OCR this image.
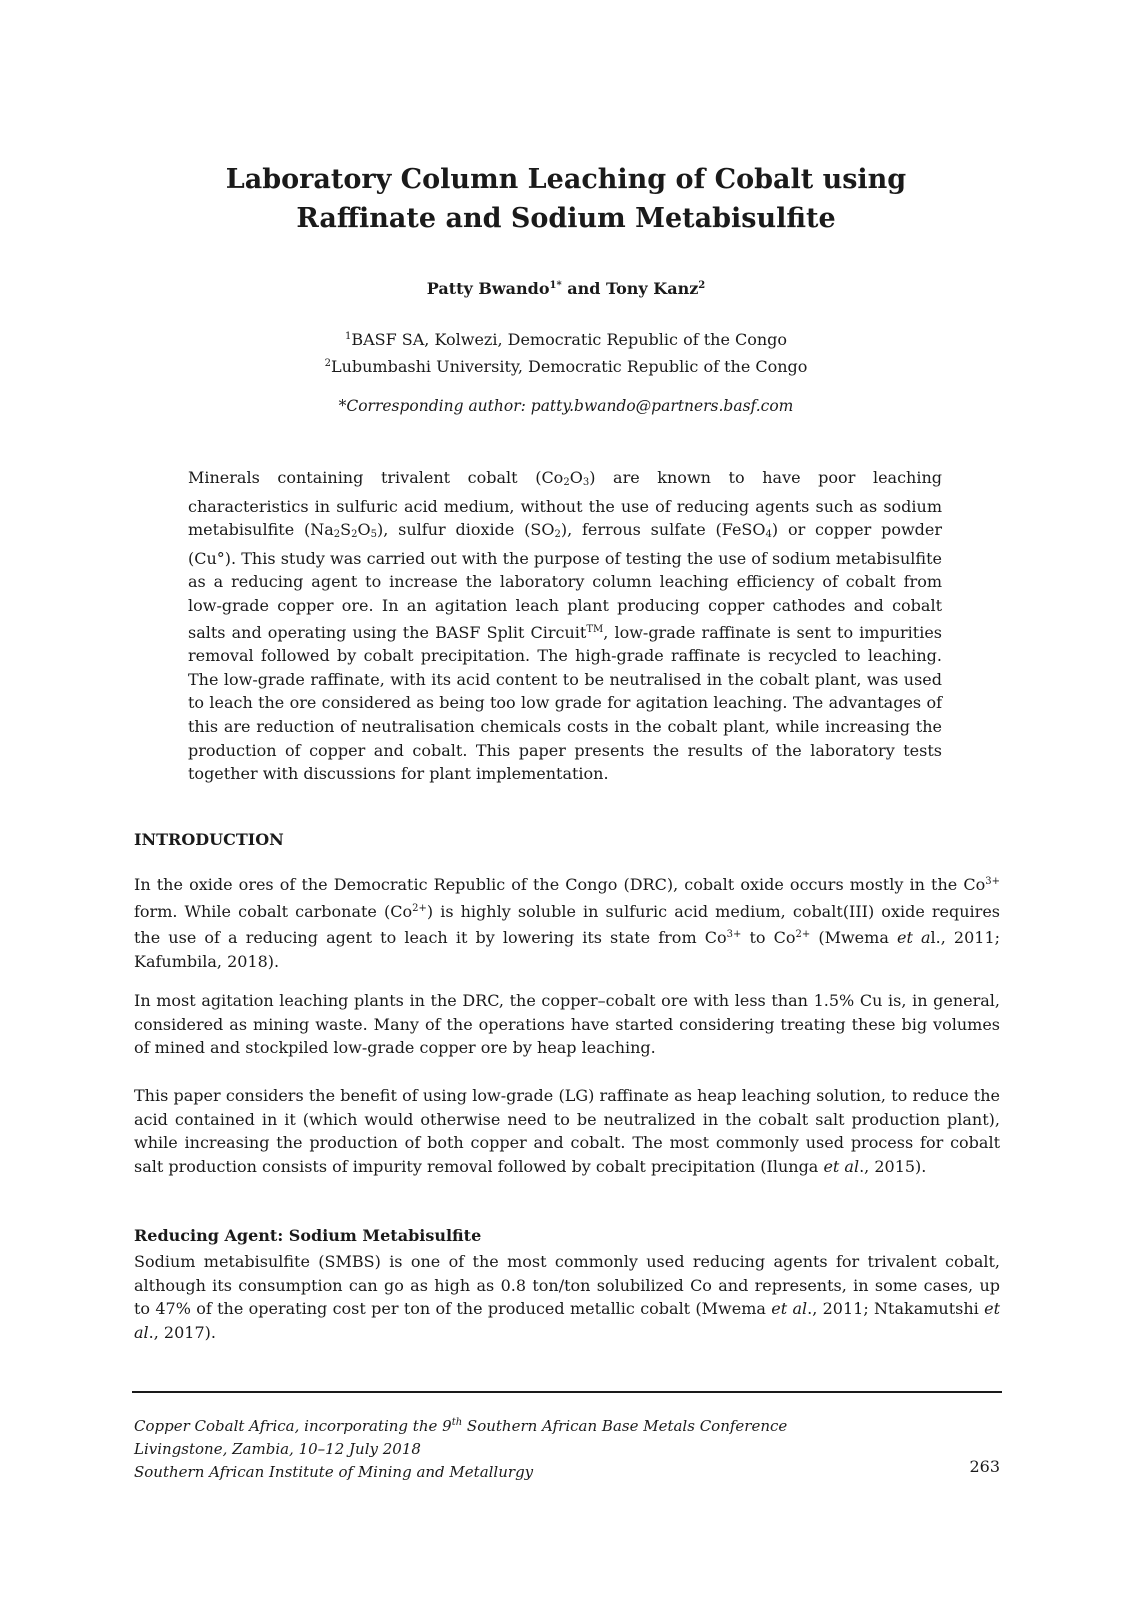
Laboratory Column Leaching of Cobalt using
Raffinate and Sodium Metabisulfite
Patty Bwando$^{1*}$ and Tony Kanz$^2$
$^1$BASF SA, Kolwezi, Democratic Republic of the Congo
$^2$Lubumbashi University, Democratic Republic of the Congo
*Corresponding author: patty.bwando@partners.basf.com

Minerals containing trivalent cobalt $(Co_2O_3)$ are known to have poor leaching characteristics in sulfuric acid medium, without the use of reducing agents such as sodium metabisulfite $(Na_2S_2O_5)$, sulfur dioxide $(SO_2)$, ferrous sulfate (FeSO$_4$) or copper powder (Cu°). This study was carried out with the purpose of testing the use of sodium metabisulfite as a reducing agent to increase the laboratory column leaching efficiency of cobalt from low-grade copper ore. In an agitation leach plant producing copper cathodes and cobalt salts and operating using the BASF Split Circuit™, low-grade raffinate is sent to impurities removal followed by cobalt precipitation. The high-grade raffinate is recycled to leaching. The low-grade raffinate, with its acid content to be neutralised in the cobalt plant, was used to leach the ore considered as being too low grade for agitation leaching. The advantages of this are reduction of neutralisation chemicals costs in the cobalt plant, while increasing the production of copper and cobalt. This paper presents the results of the laboratory tests together with discussions for plant implementation.

INTRODUCTION

In the oxide ores of the Democratic Republic of the Congo (DRC), cobalt oxide occurs mostly in the $Co^{3+}$ form. While cobalt carbonate $(Co^{2+})$ is highly soluble in sulfuric acid medium, cobalt(III) oxide requires the use of a reducing agent to leach it by lowering its state from $Co^{3+}$ to $Co^{2+}$ (Mwema et al., 2011; Kafumbila, 2018).

In most agitation leaching plants in the DRC, the copper–cobalt ore with less than 1.5% Cu is, in general, considered as mining waste. Many of the operations have started considering treating these big volumes of mined and stockpiled low-grade copper ore by heap leaching.

This paper considers the benefit of using low-grade (LG) raffinate as heap leaching solution, to reduce the acid contained in it (which would otherwise need to be neutralized in the cobalt salt production plant), while increasing the production of both copper and cobalt. The most commonly used process for cobalt salt production consists of impurity removal followed by cobalt precipitation (Ilunga et al., 2015).

Reducing Agent: Sodium Metabisulfite

Sodium metabisulfite (SMBS) is one of the most commonly used reducing agents for trivalent cobalt, although its consumption can go as high as 0.8 ton/ton solubilized Co and represents, in some cases, up to 47% of the operating cost per ton of the produced metallic cobalt (Mwema et al., 2011; Ntakamutshi et al., 2017).

Copper Cobalt Africa, incorporating the 9th Southern African Base Metals Conference
Livingstone, Zambia, 10–12 July 2018
Southern African Institute of Mining and Metallurgy	263
